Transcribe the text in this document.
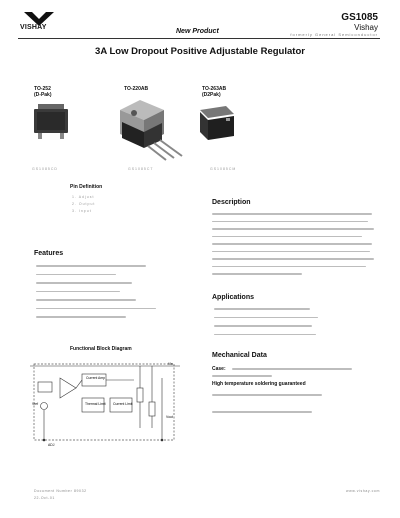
VISHAY
GS1085
New Product	Vishay
formerly General Semiconductor
3A Low Dropout Positive Adjustable Regulator
TO-252
(D-Pak)
TO-220AB	TO-263AB
(D2Pak)
GS1085CD	GS1085CT	GS1085CM
Pin Definition
1. Adjust
2. Output
3. Input
Description
Features
Applications
Mechanical Data
Case:
High temperature soldering guaranteed
Functional Block Diagram
Current Amp
Thermal Limit Current Limit
Vref
Vin
Vout
ADJ
Document Number 89032
22-Oct-01
www.vishay.com
